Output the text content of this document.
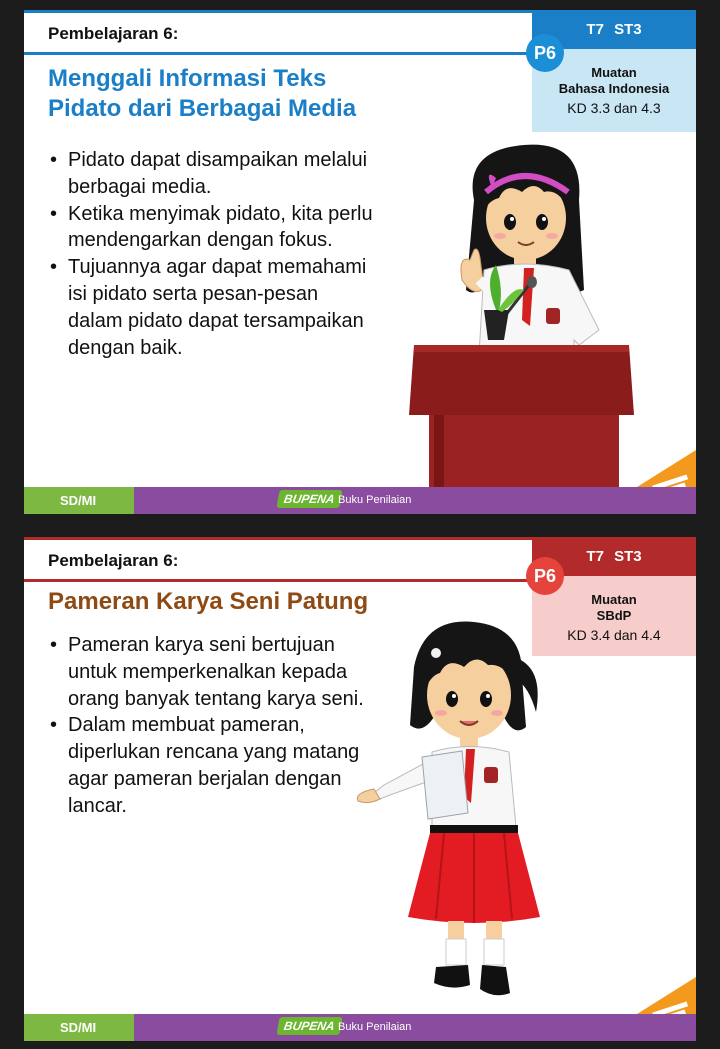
Pembelajaran 6:	T7 ST3
Muatan
Bahasa Indonesia
KD 3.3 dan 4.3
P6
Menggali Informasi Teks
Pidato dari Berbagai Media
• Pidato dapat disampaikan melalui berbagai media.
• Ketika menyimak pidato, kita perlu mendengarkan dengan fokus.
• Tujuannya agar dapat memahami isi pidato serta pesan-pesan dalam pidato dapat tersampaikan dengan baik.
SD/MI	BUPENA Buku Penilaian
Pembelajaran 6:	T7 ST3
Muatan
SBdP
KD 3.4 dan 4.4
P6
Pameran Karya Seni Patung
• Pameran karya seni bertujuan untuk memperkenalkan kepada orang banyak tentang karya seni.
• Dalam membuat pameran, diperlukan rencana yang matang agar pameran berjalan dengan lancar.
SD/MI	BUPENA Buku Penilaian
